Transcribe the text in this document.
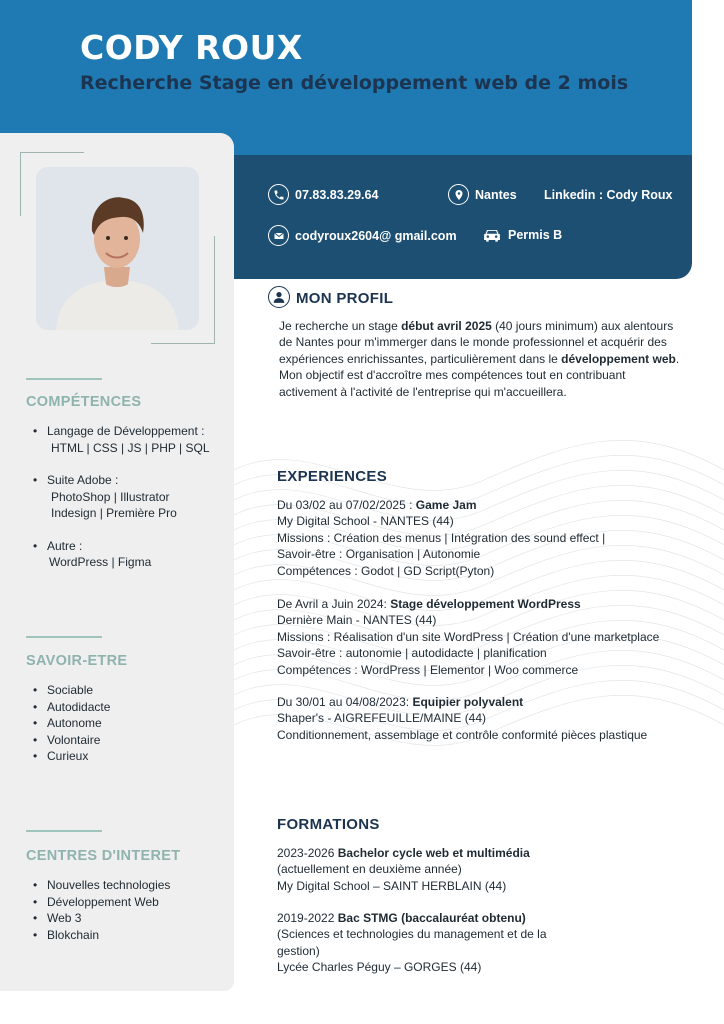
CODY ROUX
Recherche Stage en développement web de 2 mois
07.83.83.29.64	Nantes Linkedin : Cody Roux
codyroux2604@ gmail.com	Permis B
COMPÉTENCES
• Langage de Développement :
HTML | CSS | JS | PHP | SQL
• Suite Adobe :
PhotoShop | Illustrator
Indesign | Première Pro
• Autre :
WordPress | Figma
SAVOIR-ETRE
• Sociable
• Autodidacte
• Autonome
• Volontaire
• Curieux
CENTRES D'INTERET
• Nouvelles technologies
• Développement Web
• Web 3
• Blokchain
MON PROFIL
Je recherche un stage début avril 2025 (40 jours minimum) aux alentours de Nantes pour m'immerger dans le monde professionnel et acquérir des expériences enrichissantes, particulièrement dans le développement web.
Mon objectif est d'accroître mes compétences tout en contribuant activement à l'activité de l'entreprise qui m'accueillera.
EXPERIENCES
Du 03/02 au 07/02/2025 : Game Jam
My Digital School - NANTES (44)
Missions : Création des menus | Intégration des sound effect |
Savoir-être : Organisation | Autonomie
Compétences : Godot | GD Script(Pyton)
De Avril a Juin 2024: Stage développement WordPress
Dernière Main - NANTES (44)
Missions : Réalisation d'un site WordPress | Création d'une marketplace
Savoir-être : autonomie | autodidacte | planification
Compétences : WordPress | Elementor | Woo commerce
Du 30/01 au 04/08/2023: Equipier polyvalent
Shaper's - AIGREFEUILLE/MAINE (44)
Conditionnement, assemblage et contrôle conformité pièces plastique
FORMATIONS
2023-2026 Bachelor cycle web et multimédia
(actuellement en deuxième année)
My Digital School – SAINT HERBLAIN (44)
2019-2022 Bac STMG (baccalauréat obtenu)
(Sciences et technologies du management et de la
gestion)
Lycée Charles Péguy – GORGES (44)
